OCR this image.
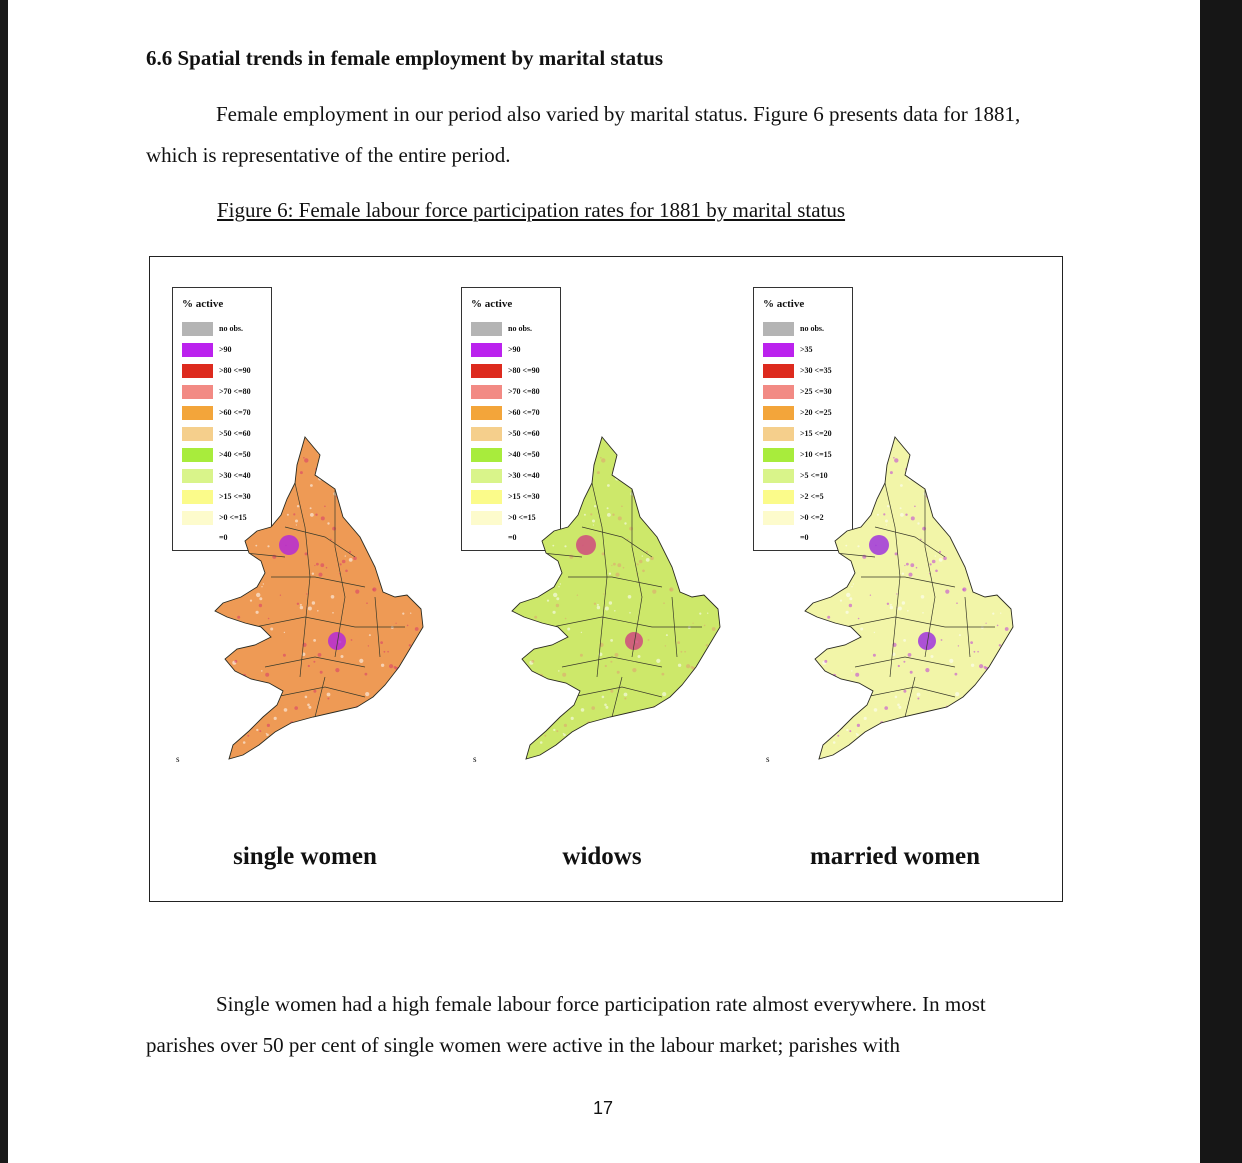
6.6 Spatial trends in female employment by marital status

Female employment in our period also varied by marital status. Figure 6 presents data for 1881, which is representative of the entire period.

Figure 6: Female labour force participation rates for 1881 by marital status

% active
no obs.
>90
>80 <=90
>70 <=80
>60 <=70
>50 <=60
>40 <=50
>30 <=40
>15 <=30
>0 <=15
=0
s
single women
% active
no obs.
>90
>80 <=90
>70 <=80
>60 <=70
>50 <=60
>40 <=50
>30 <=40
>15 <=30
>0 <=15
=0
s
widows
% active
no obs.
>35
>30 <=35
>25 <=30
>20 <=25
>15 <=20
>10 <=15
>5 <=10
>2 <=5
>0 <=2
=0
s
married women

Single women had a high female labour force participation rate almost everywhere. In most parishes over 50 per cent of single women were active in the labour market; parishes with

17
